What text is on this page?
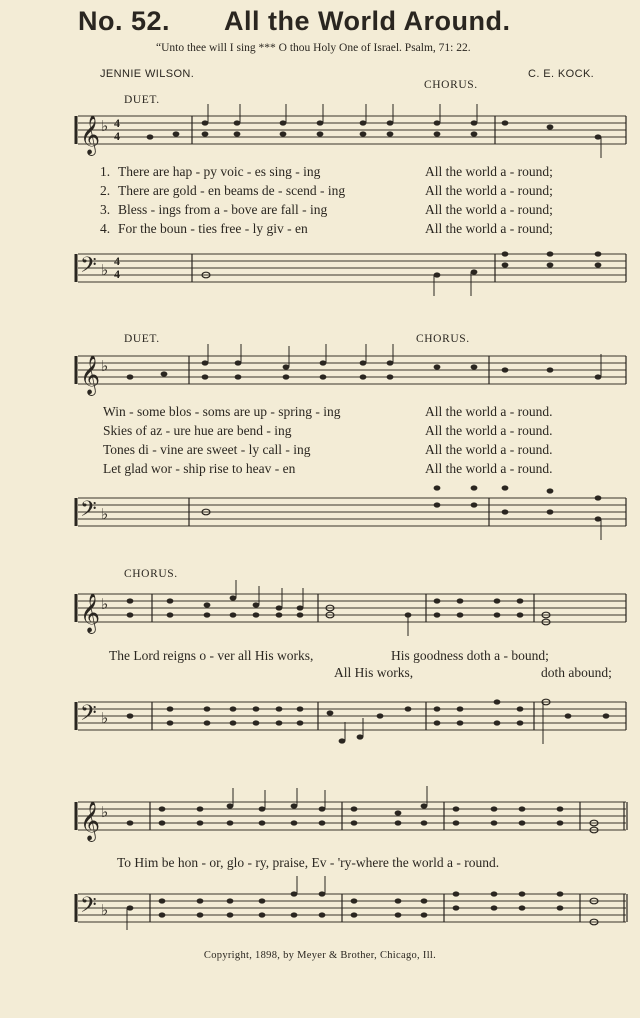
No. 52. All the World Around.
“Unto thee will I sing *** O thou Holy One of Israel. Psalm, 71: 22.
JENNIE WILSON.	C. E. KOCK.
DUET.
CHORUS.
𝄞 ♭ 4
4
1. There are hap - py voic - es sing - ing	All the world a - round;
2. There are gold - en beams de - scend - ing	All the world a - round;
3. Bless - ings from a - bove are fall - ing	All the world a - round;
4. For the boun - ties free - ly giv - en	All the world a - round;
𝄢 ♭ 4
4
DUET.	CHORUS.
𝄞 ♭
Win - some blos - soms are up - spring - ing	All the world a - round.
Skies of az - ure hue are bend - ing	All the world a - round.
Tones di - vine are sweet - ly call - ing	All the world a - round.
Let glad wor - ship rise to heav - en	All the world a - round.
𝄢 ♭
CHORUS.
𝄞 ♭
The Lord reigns o - ver all His works,	His goodness doth a - bound;
All His works,	doth abound;
𝄢 ♭
𝄞 ♭
To Him be hon - or, glo - ry, praise, Ev - 'ry-where the world a - round.
𝄢 ♭
Copyright, 1898, by Meyer & Brother, Chicago, Ill.
